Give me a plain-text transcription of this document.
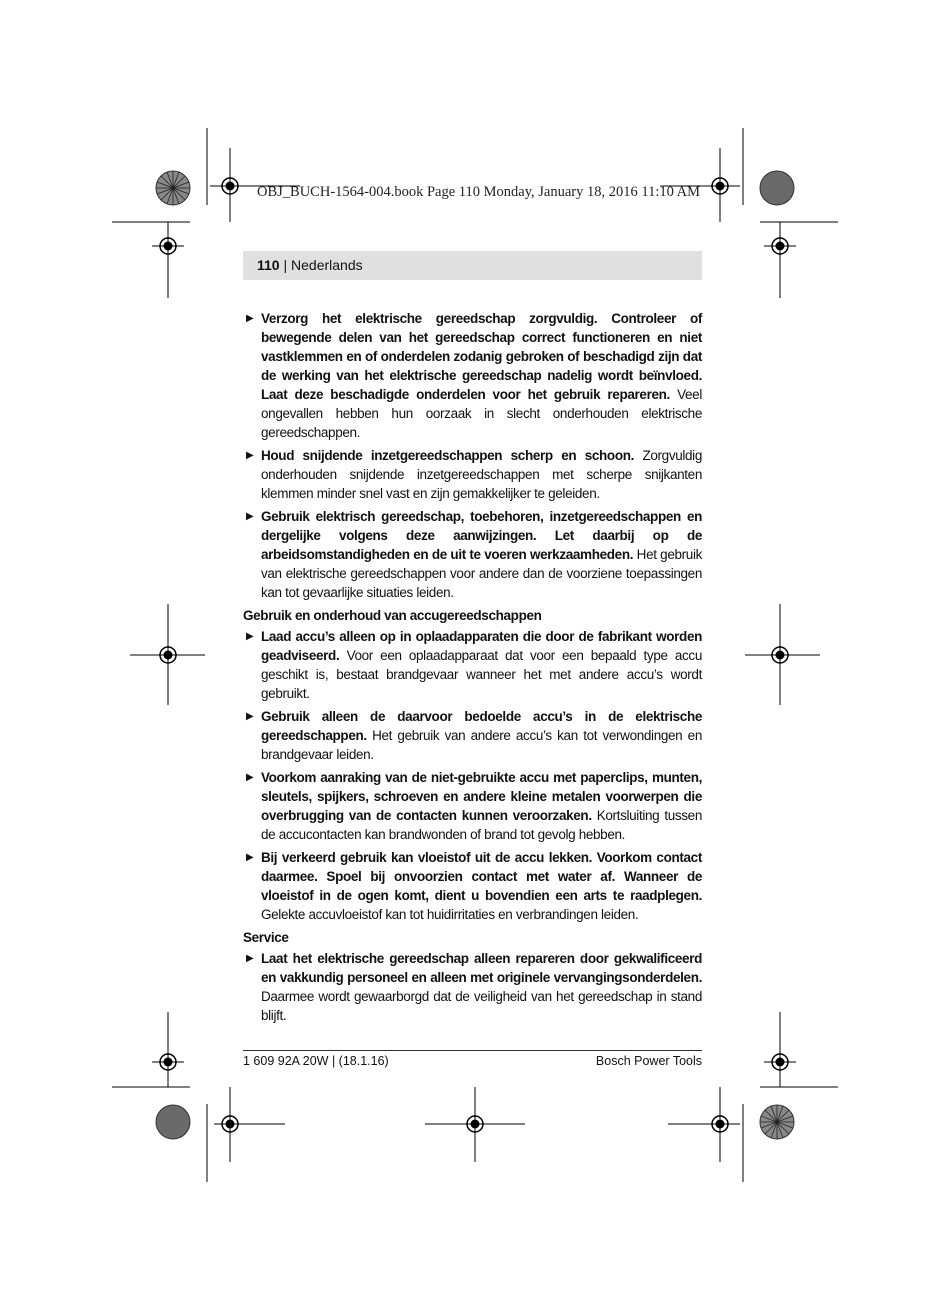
OBJ_BUCH-1564-004.book Page 110 Monday, January 18, 2016 11:10 AM
110 | Nederlands
▶ Verzorg het elektrische gereedschap zorgvuldig. Controleer of bewegende delen van het gereedschap correct functioneren en niet vastklemmen en of onderdelen zodanig gebroken of beschadigd zijn dat de werking van het elektrische gereedschap nadelig wordt beïnvloed. Laat deze beschadigde onderdelen voor het gebruik repareren. Veel ongevallen hebben hun oorzaak in slecht onderhouden elektrische gereedschappen.
▶ Houd snijdende inzetgereedschappen scherp en schoon. Zorgvuldig onderhouden snijdende inzetgereedschappen met scherpe snijkanten klemmen minder snel vast en zijn gemakkelijker te geleiden.
▶ Gebruik elektrisch gereedschap, toebehoren, inzetgereedschappen en dergelijke volgens deze aanwijzingen. Let daarbij op de arbeidsomstandigheden en de uit te voeren werkzaamheden. Het gebruik van elektrische gereedschappen voor andere dan de voorziene toepassingen kan tot gevaarlijke situaties leiden.
Gebruik en onderhoud van accugereedschappen
▶ Laad accu’s alleen op in oplaadapparaten die door de fabrikant worden geadviseerd. Voor een oplaadapparaat dat voor een bepaald type accu geschikt is, bestaat brandgevaar wanneer het met andere accu’s wordt gebruikt.
▶ Gebruik alleen de daarvoor bedoelde accu’s in de elektrische gereedschappen. Het gebruik van andere accu’s kan tot verwondingen en brandgevaar leiden.
▶ Voorkom aanraking van de niet-gebruikte accu met paperclips, munten, sleutels, spijkers, schroeven en andere kleine metalen voorwerpen die overbrugging van de contacten kunnen veroorzaken. Kortsluiting tussen de accucontacten kan brandwonden of brand tot gevolg hebben.
▶ Bij verkeerd gebruik kan vloeistof uit de accu lekken. Voorkom contact daarmee. Spoel bij onvoorzien contact met water af. Wanneer de vloeistof in de ogen komt, dient u bovendien een arts te raadplegen. Gelekte accuvloeistof kan tot huidirritaties en verbrandingen leiden.
Service
▶ Laat het elektrische gereedschap alleen repareren door gekwalificeerd en vakkundig personeel en alleen met originele vervangingsonderdelen. Daarmee wordt gewaarborgd dat de veiligheid van het gereedschap in stand blijft.
1 609 92A 20W | (18.1.16)	Bosch Power Tools
